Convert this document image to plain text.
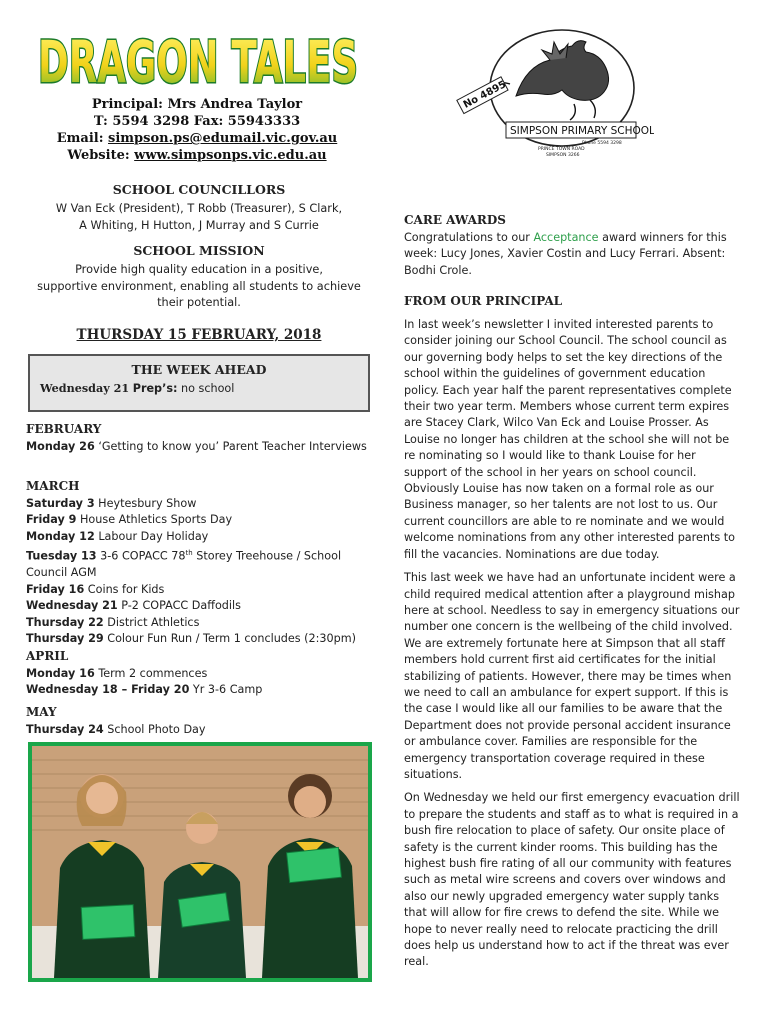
DRAGON TALES
Principal: Mrs Andrea Taylor
T: 5594 3298 Fax: 55943333
Email: simpson.ps@edumail.vic.gov.au
Website: www.simpsonps.vic.edu.au
No 4895
SIMPSON PRIMARY SCHOOL
Phone 5594 3298
PRINCE TOWN ROAD
SIMPSON 3266
SCHOOL COUNCILLORS
W Van Eck (President), T Robb (Treasurer), S Clark,
A Whiting, H Hutton, J Murray and S Currie
SCHOOL MISSION
Provide high quality education in a positive,
supportive environment, enabling all students to achieve
their potential.
THURSDAY 15 FEBRUARY, 2018
THE WEEK AHEAD
Wednesday 21 Prep’s: no school
FEBRUARY

Monday 26 ‘Getting to know you’ Parent Teacher Interviews

MARCH

Saturday 3 Heytesbury Show

Friday 9 House Athletics Sports Day

Monday 12 Labour Day Holiday

Tuesday 13 3-6 COPACC 78th Storey Treehouse / School Council AGM

Friday 16 Coins for Kids

Wednesday 21 P-2 COPACC Daffodils

Thursday 22 District Athletics

Thursday 29 Colour Fun Run / Term 1 concludes (2:30pm)

APRIL

Monday 16 Term 2 commences

Wednesday 18 – Friday 20 Yr 3-6 Camp

MAY

Thursday 24 School Photo Day

CARE AWARDS

Congratulations to our Acceptance award winners for this week: Lucy Jones, Xavier Costin and Lucy Ferrari. Absent: Bodhi Crole.

FROM OUR PRINCIPAL

In last week’s newsletter I invited interested parents to consider joining our School Council. The school council as our governing body helps to set the key directions of the school within the guidelines of government education policy. Each year half the parent representatives complete their two year term. Members whose current term expires are Stacey Clark, Wilco Van Eck and Louise Prosser. As Louise no longer has children at the school she will not be re nominating so I would like to thank Louise for her support of the school in her years on school council. Obviously Louise has now taken on a formal role as our Business manager, so her talents are not lost to us. Our current councillors are able to re nominate and we would welcome nominations from any other interested parents to fill the vacancies. Nominations are due today.

This last week we have had an unfortunate incident were a child required medical attention after a playground mishap here at school. Needless to say in emergency situations our number one concern is the wellbeing of the child involved. We are extremely fortunate here at Simpson that all staff members hold current first aid certificates for the initial stabilizing of patients. However, there may be times when we need to call an ambulance for expert support. If this is the case I would like all our families to be aware that the Department does not provide personal accident insurance or ambulance cover. Families are responsible for the emergency transportation coverage required in these situations.

On Wednesday we held our first emergency evacuation drill to prepare the students and staff as to what is required in a bush fire relocation to place of safety. Our onsite place of safety is the current kinder rooms. This building has the highest bush fire rating of all our community with features such as metal wire screens and covers over windows and also our newly upgraded emergency water supply tanks that will allow for fire crews to defend the site. While we hope to never really need to relocate practicing the drill does help us understand how to act if the threat was ever real.
